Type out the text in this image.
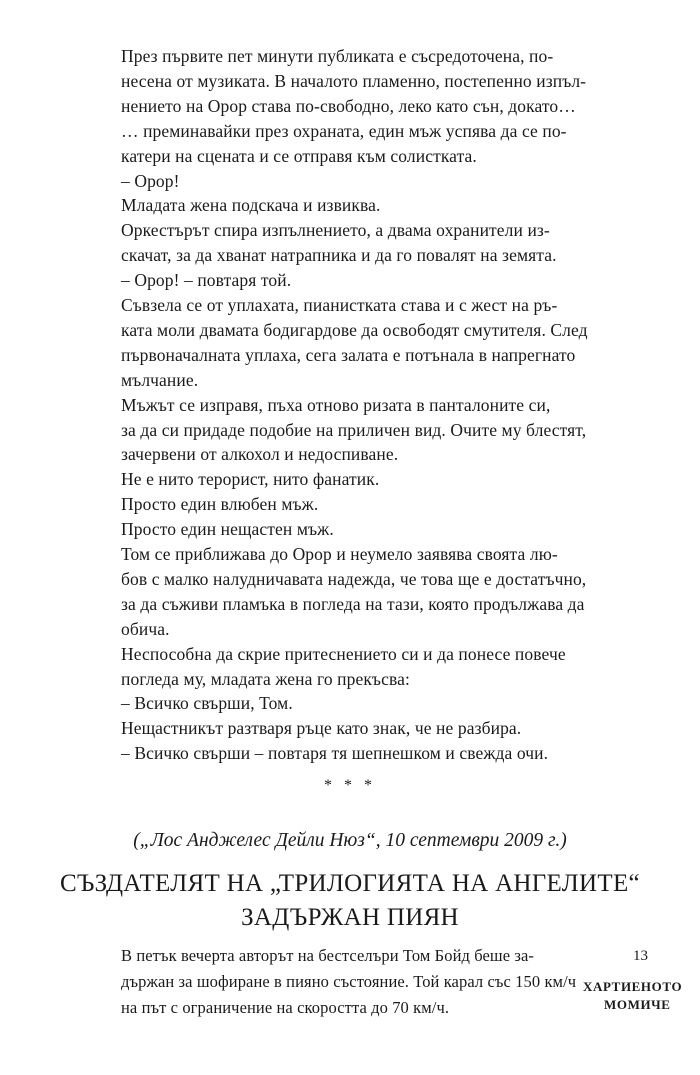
През първите пет минути публиката е съсредоточена, по-
несена от музиката. В началото пламенно, постепенно изпъл-
нението на Орор става по-свободно, леко като сън, докато…
… преминавайки през охраната, един мъж успява да се по-
катери на сцената и се отправя към солистката.
– Орор!
Младата жена подскача и извиква.
Оркестърът спира изпълнението, а двама охранители из-
скачат, за да хванат натрапника и да го повалят на земята.
– Орор! – повтаря той.
Съвзела се от уплахата, пианистката става и с жест на ръ-
ката моли двамата бодигардове да освободят смутителя. След
първоначалната уплаха, сега залата е потънала в напрегнато
мълчание.
Мъжът се изправя, пъха отново ризата в панталоните си,
за да си придаде подобие на приличен вид. Очите му блестят,
зачервени от алкохол и недоспиване.
Не е нито терорист, нито фанатик.
Просто един влюбен мъж.
Просто един нещастен мъж.
Том се приближава до Орор и неумело заявява своята лю-
бов с малко налудничавата надежда, че това ще е достатъчно,
за да съживи пламъка в погледа на тази, която продължава да
обича.
Неспособна да скрие притеснението си и да понесе повече
погледа му, младата жена го прекъсва:
– Всичко свърши, Том.
Нещастникът разтваря ръце като знак, че не разбира.
– Всичко свърши – повтаря тя шепнешком и свежда очи.
* * *
(„Лос Анджелес Дейли Нюз“, 10 септември 2009 г.)
СЪЗДАТЕЛЯТ НА „ТРИЛОГИЯТА НА АНГЕЛИТЕ“
ЗАДЪРЖАН ПИЯН
В петък вечерта авторът на бестселъри Том Бойд беше за-
държан за шофиране в пияно състояние. Той карал със 150 км/ч
на път с ограничение на скоростта до 70 км/ч.
13
ХАРТИЕНОТО
МОМИЧЕ
